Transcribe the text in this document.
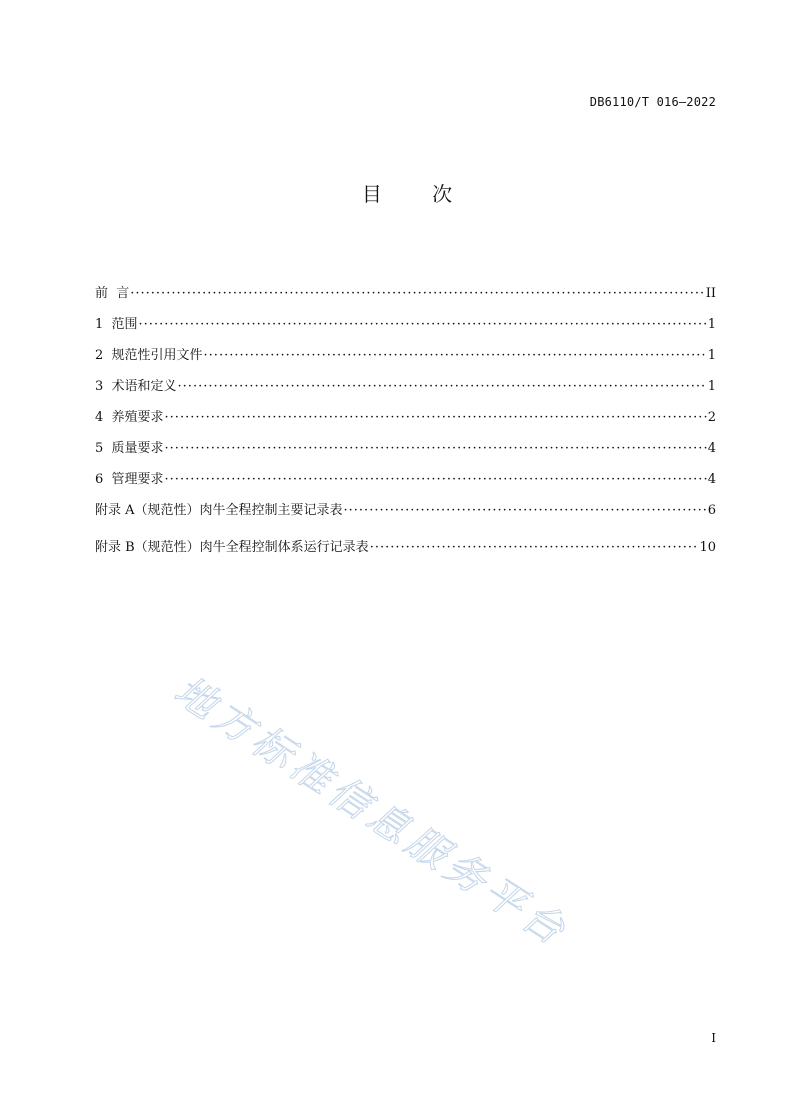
DB6110/T 016—2022
目 次
前  言 ·····	II
1  范围 ·····	1
2  规范性引用文件 ·····	1
3  术语和定义 ·····	1
4  养殖要求 ·····	2
5  质量要求 ·····	4
6  管理要求 ·····	4
附录 A（规范性）肉牛全程控制主要记录表 ·····	6
附录 B（规范性）肉牛全程控制体系运行记录表 ·····	10
地方标准信息服务平台
I
